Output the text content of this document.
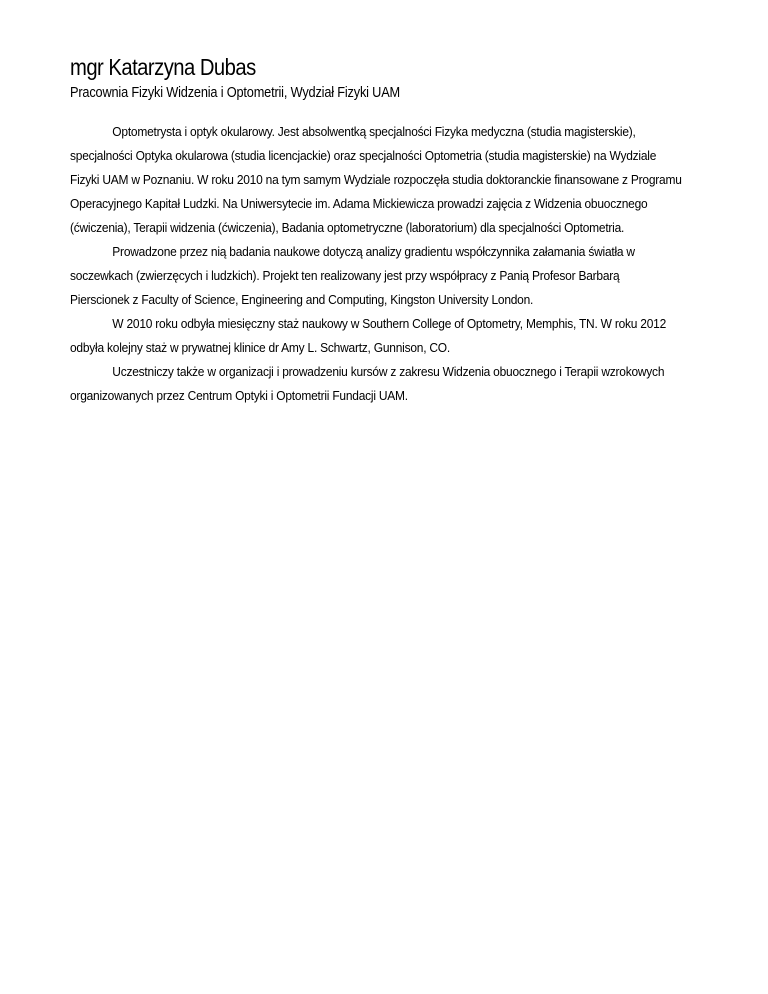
mgr Katarzyna Dubas
Pracownia Fizyki Widzenia i Optometrii, Wydział Fizyki UAM

Optometrysta i optyk okularowy. Jest absolwentką specjalności Fizyka medyczna (studia magisterskie),
specjalności Optyka okularowa (studia licencjackie) oraz specjalności Optometria (studia magisterskie) na Wydziale
Fizyki UAM w Poznaniu. W roku 2010 na tym samym Wydziale rozpoczęła studia doktoranckie finansowane z Programu
Operacyjnego Kapitał Ludzki. Na Uniwersytecie im. Adama Mickiewicza prowadzi zajęcia z Widzenia obuocznego
(ćwiczenia), Terapii widzenia (ćwiczenia), Badania optometryczne (laboratorium) dla specjalności Optometria.

Prowadzone przez nią badania naukowe dotyczą analizy gradientu współczynnika załamania światła w
soczewkach (zwierzęcych i ludzkich). Projekt ten realizowany jest przy współpracy z Panią Profesor Barbarą
Pierscionek z Faculty of Science, Engineering and Computing, Kingston University London.

W 2010 roku odbyła miesięczny staż naukowy w Southern College of Optometry, Memphis, TN. W roku 2012
odbyła kolejny staż w prywatnej klinice dr Amy L. Schwartz, Gunnison, CO.

Uczestniczy także w organizacji i prowadzeniu kursów z zakresu Widzenia obuocznego i Terapii wzrokowych
organizowanych przez Centrum Optyki i Optometrii Fundacji UAM.
